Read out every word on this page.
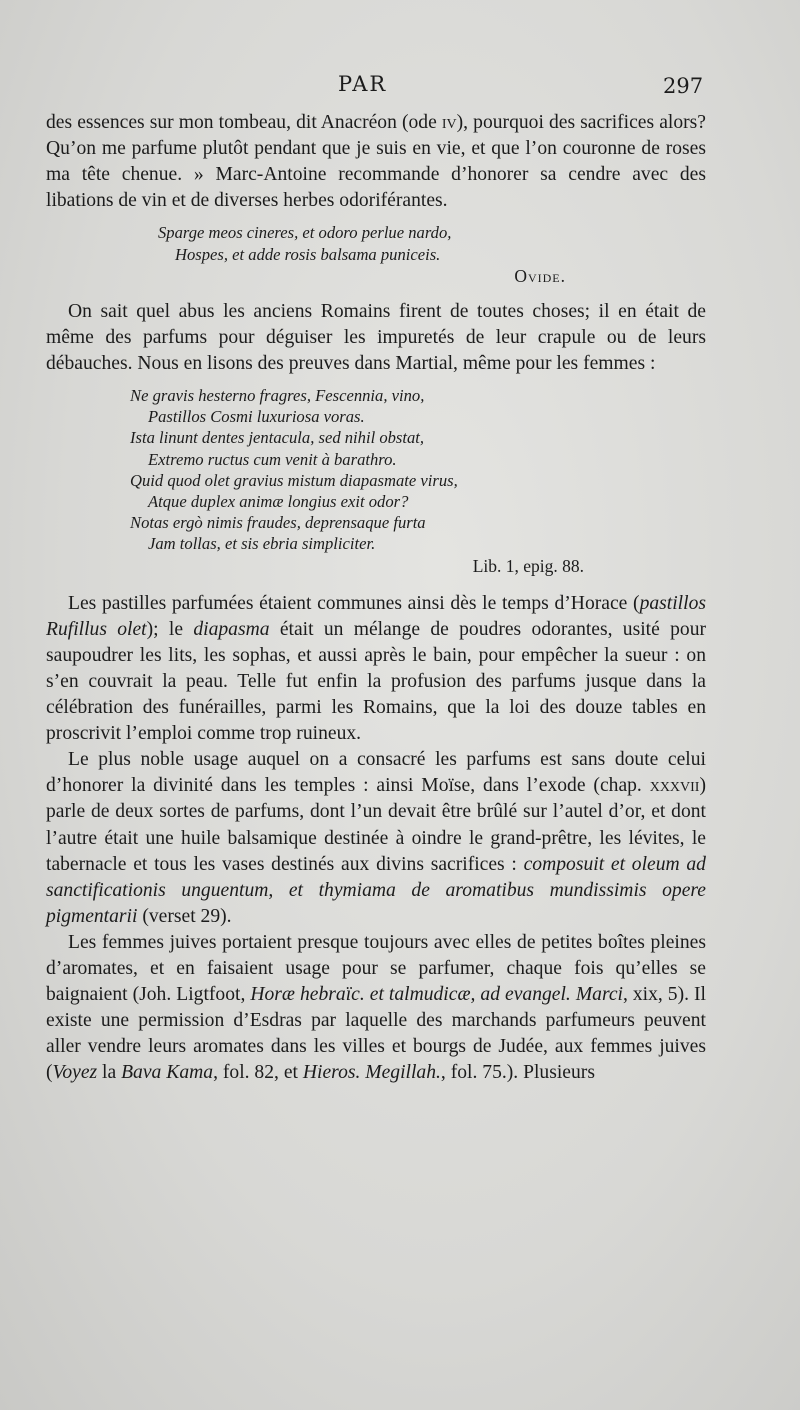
PAR	297

des essences sur mon tombeau, dit Anacréon (ode iv), pourquoi des sacrifices alors? Qu’on me parfume plutôt pendant que je suis en vie, et que l’on couronne de roses ma tête chenue. » Marc-Antoine recommande d’honorer sa cendre avec des libations de vin et de diverses herbes odoriférantes.

Sparge meos cineres, et odoro perlue nardo,
Hospes, et adde rosis balsama puniceis.
Ovide.

On sait quel abus les anciens Romains firent de toutes choses; il en était de même des parfums pour déguiser les impuretés de leur crapule ou de leurs débauches. Nous en lisons des preuves dans Martial, même pour les femmes :

Ne gravis hesterno fragres, Fescennia, vino,
Pastillos Cosmi luxuriosa voras.
Ista linunt dentes jentacula, sed nihil obstat,
Extremo ructus cum venit à barathro.
Quid quod olet gravius mistum diapasmate virus,
Atque duplex animæ longius exit odor?
Notas ergò nimis fraudes, deprensaque furta
Jam tollas, et sis ebria simpliciter.
Lib. 1, epig. 88.

Les pastilles parfumées étaient communes ainsi dès le temps d’Horace (pastillos Rufillus olet); le diapasma était un mélange de poudres odorantes, usité pour saupoudrer les lits, les sophas, et aussi après le bain, pour empêcher la sueur : on s’en couvrait la peau. Telle fut enfin la profusion des parfums jusque dans la célébration des funérailles, parmi les Romains, que la loi des douze tables en proscrivit l’emploi comme trop ruineux.

Le plus noble usage auquel on a consacré les parfums est sans doute celui d’honorer la divinité dans les temples : ainsi Moïse, dans l’exode (chap. xxxvii) parle de deux sortes de parfums, dont l’un devait être brûlé sur l’autel d’or, et dont l’autre était une huile balsamique destinée à oindre le grand-prêtre, les lévites, le tabernacle et tous les vases destinés aux divins sacrifices : composuit et oleum ad sanctificationis unguentum, et thymiama de aromatibus mundissimis opere pigmentarii (verset 29).

Les femmes juives portaient presque toujours avec elles de petites boîtes pleines d’aromates, et en faisaient usage pour se parfumer, chaque fois qu’elles se baignaient (Joh. Ligtfoot, Horæ hebraïc. et talmudicæ, ad evangel. Marci, xix, 5). Il existe une permission d’Esdras par laquelle des marchands parfumeurs peuvent aller vendre leurs aromates dans les villes et bourgs de Judée, aux femmes juives (Voyez la Bava Kama, fol. 82, et Hieros. Megillah., fol. 75.). Plusieurs
